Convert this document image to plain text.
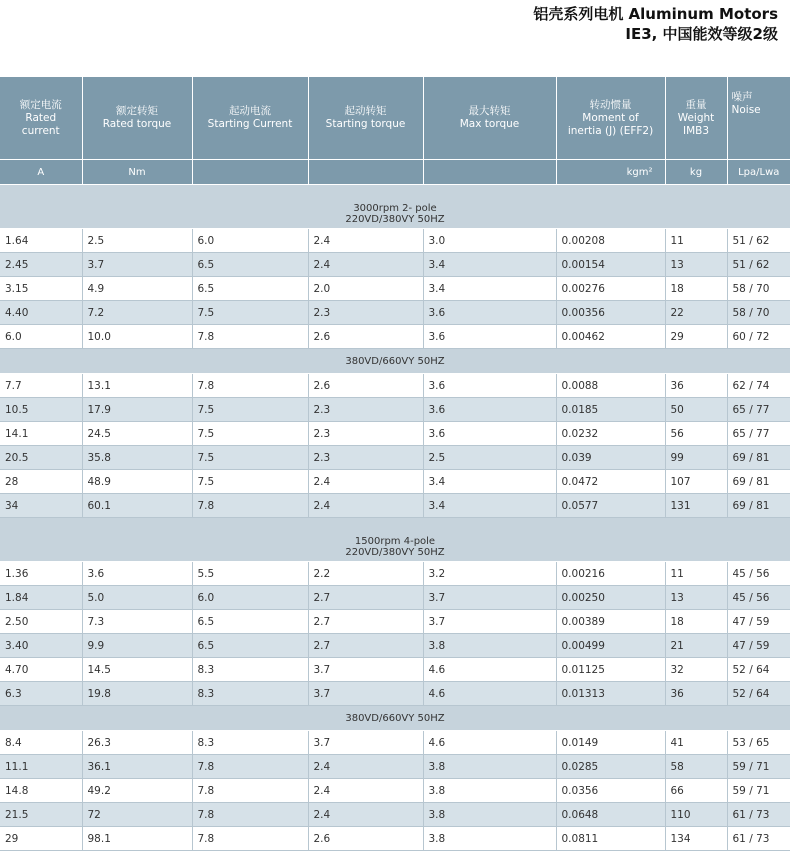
铝壳系列电机 Aluminum Motors
IE3, 中国能效等级2级
额定电流
Rated
current	额定转矩
Rated torque	起动电流
Starting Current	起动转矩
Starting torque	最大转矩
Max torque	转动惯量
Moment of
inertia (J) (EFF2)	重量
Weight
IMB3	噪声
Noise

A	Nm				kgm²	kg	Lpa/Lwa

3000rpm 2- pole
220VD/380VY 50HZ							

1.64	2.5	6.0	2.4	3.0	0.00208	11	51 / 62
2.45	3.7	6.5	2.4	3.4	0.00154	13	51 / 62
3.15	4.9	6.5	2.0	3.4	0.00276	18	58 / 70
4.40	7.2	7.5	2.3	3.6	0.00356	22	58 / 70
6.0	10.0	7.8	2.6	3.6	0.00462	29	60 / 72

380VD/660VY 50HZ							

7.7	13.1	7.8	2.6	3.6	0.0088	36	62 / 74
10.5	17.9	7.5	2.3	3.6	0.0185	50	65 / 77
14.1	24.5	7.5	2.3	3.6	0.0232	56	65 / 77
20.5	35.8	7.5	2.3	2.5	0.039	99	69 / 81
28	48.9	7.5	2.4	3.4	0.0472	107	69 / 81
34	60.1	7.8	2.4	3.4	0.0577	131	69 / 81

1500rpm 4-pole
220VD/380VY 50HZ							

1.36	3.6	5.5	2.2	3.2	0.00216	11	45 / 56
1.84	5.0	6.0	2.7	3.7	0.00250	13	45 / 56
2.50	7.3	6.5	2.7	3.7	0.00389	18	47 / 59
3.40	9.9	6.5	2.7	3.8	0.00499	21	47 / 59
4.70	14.5	8.3	3.7	4.6	0.01125	32	52 / 64
6.3	19.8	8.3	3.7	4.6	0.01313	36	52 / 64

380VD/660VY 50HZ							

8.4	26.3	8.3	3.7	4.6	0.0149	41	53 / 65
11.1	36.1	7.8	2.4	3.8	0.0285	58	59 / 71
14.8	49.2	7.8	2.4	3.8	0.0356	66	59 / 71
21.5	72	7.8	2.4	3.8	0.0648	110	61 / 73
29	98.1	7.8	2.6	3.8	0.0811	134	61 / 73
